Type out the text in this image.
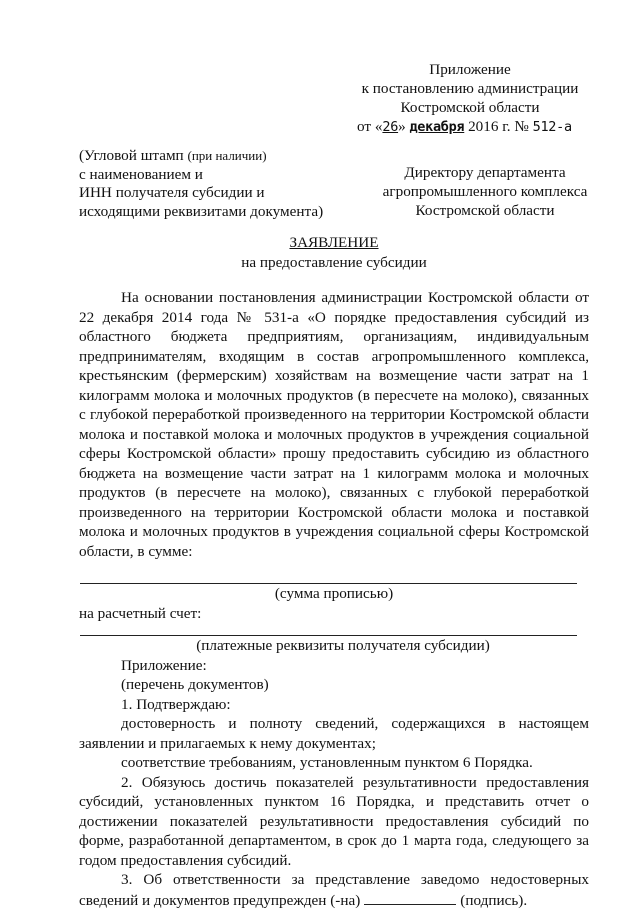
Приложение
к постановлению администрации
Костромской области
от «26» декабря 2016 г. № 512-а
(Угловой штамп (при наличии)
с наименованием и
ИНН получателя субсидии и
исходящими реквизитами документа)
Директору департамента
агропромышленного комплекса
Костромской области
ЗАЯВЛЕНИЕ
на предоставление субсидии

На основании постановления администрации Костромской области от 22 декабря 2014 года № 531-а «О порядке предоставления субсидий из областного бюджета предприятиям, организациям, индивидуальным предпринимателям, входящим в состав агропромышленного комплекса, крестьянским (фермерским) хозяйствам на возмещение части затрат на 1 килограмм молока и молочных продуктов (в пересчете на молоко), связанных с глубокой переработкой произведенного на территории Костромской области молока и поставкой молока и молочных продуктов в учреждения социальной сферы Костромской области» прошу предоставить субсидию из областного бюджета на возмещение части затрат на 1 килограмм молока и молочных продуктов (в пересчете на молоко), связанных с глубокой переработкой произведенного на территории Костромской области молока и поставкой молока и молочных продуктов в учреждения социальной сферы Костромской области, в сумме:

(сумма прописью)

на расчетный счет:

(платежные реквизиты получателя субсидии)

Приложение:

(перечень документов)

1. Подтверждаю:

достоверность и полноту сведений, содержащихся в настоящем заявлении и прилагаемых к нему документах;

соответствие требованиям, установленным пунктом 6 Порядка.

2. Обязуюсь достичь показателей результативности предоставления субсидий, установленных пунктом 16 Порядка, и представить отчет о достижении показателей результативности предоставления субсидий по форме, разработанной департаментом, в срок до 1 марта года, следующего за годом предоставления субсидий.

3. Об ответственности за представление заведомо недостоверных сведений и документов предупрежден (-на)	(подпись).
